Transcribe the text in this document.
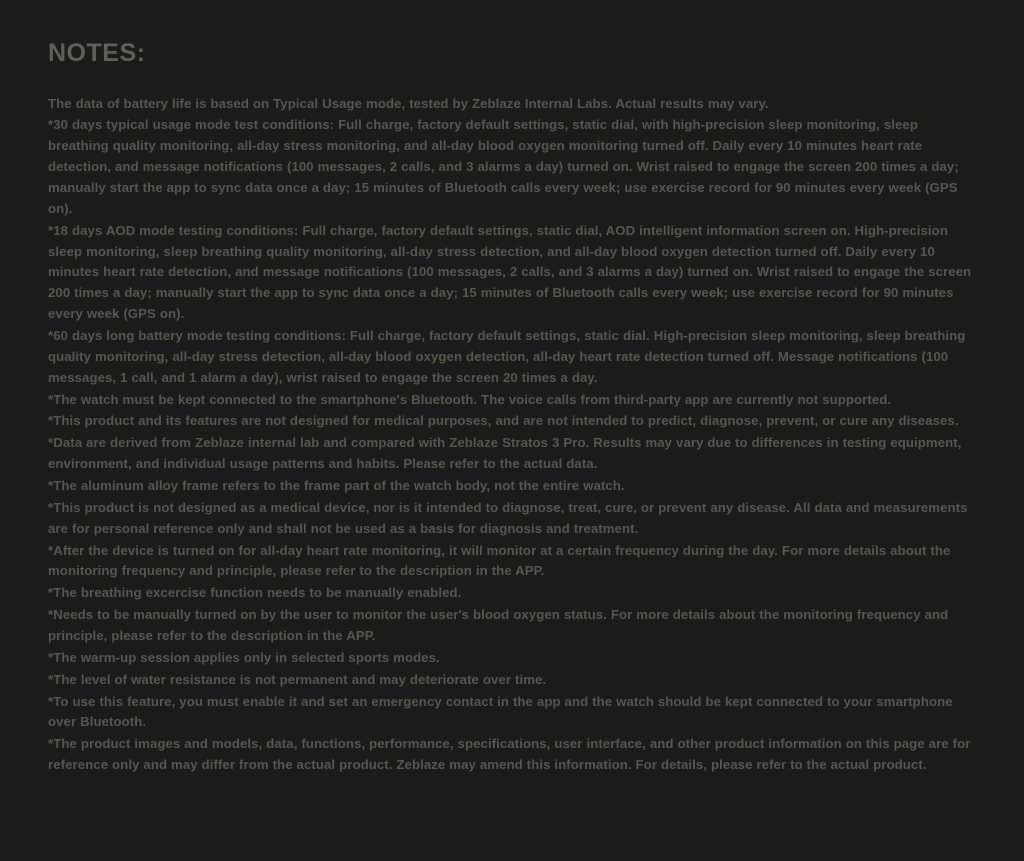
NOTES:

The data of battery life is based on Typical Usage mode, tested by Zeblaze Internal Labs. Actual results may vary.

*30 days typical usage mode test conditions: Full charge, factory default settings, static dial, with high-precision sleep monitoring, sleep breathing quality monitoring, all-day stress monitoring, and all-day blood oxygen monitoring turned off. Daily every 10 minutes heart rate detection, and message notifications (100 messages, 2 calls, and 3 alarms a day) turned on. Wrist raised to engage the screen 200 times a day; manually start the app to sync data once a day; 15 minutes of Bluetooth calls every week; use exercise record for 90 minutes every week (GPS on).

*18 days AOD mode testing conditions: Full charge, factory default settings, static dial, AOD intelligent information screen on. High-precision sleep monitoring, sleep breathing quality monitoring, all-day stress detection, and all-day blood oxygen detection turned off. Daily every 10 minutes heart rate detection, and message notifications (100 messages, 2 calls, and 3 alarms a day) turned on. Wrist raised to engage the screen 200 times a day; manually start the app to sync data once a day; 15 minutes of Bluetooth calls every week; use exercise record for 90 minutes every week (GPS on).

*60 days long battery mode testing conditions: Full charge, factory default settings, static dial. High-precision sleep monitoring, sleep breathing quality monitoring, all-day stress detection, all-day blood oxygen detection, all-day heart rate detection turned off. Message notifications (100 messages, 1 call, and 1 alarm a day), wrist raised to engage the screen 20 times a day.

*The watch must be kept connected to the smartphone's Bluetooth. The voice calls from third-party app are currently not supported.

*This product and its features are not designed for medical purposes, and are not intended to predict, diagnose, prevent, or cure any diseases.

*Data are derived from Zeblaze internal lab and compared with Zeblaze Stratos 3 Pro. Results may vary due to differences in testing equipment, environment, and individual usage patterns and habits. Please refer to the actual data.

*The aluminum alloy frame refers to the frame part of the watch body, not the entire watch.

*This product is not designed as a medical device, nor is it intended to diagnose, treat, cure, or prevent any disease. All data and measurements are for personal reference only and shall not be used as a basis for diagnosis and treatment.

*After the device is turned on for all-day heart rate monitoring, it will monitor at a certain frequency during the day. For more details about the monitoring frequency and principle, please refer to the description in the APP.

*The breathing excercise function needs to be manually enabled.

*Needs to be manually turned on by the user to monitor the user's blood oxygen status. For more details about the monitoring frequency and principle, please refer to the description in the APP.

*The warm-up session applies only in selected sports modes.

*The level of water resistance is not permanent and may deteriorate over time.

*To use this feature, you must enable it and set an emergency contact in the app and the watch should be kept connected to your smartphone over Bluetooth.

*The product images and models, data, functions, performance, specifications, user interface, and other product information on this page are for reference only and may differ from the actual product. Zeblaze may amend this information. For details, please refer to the actual product.
